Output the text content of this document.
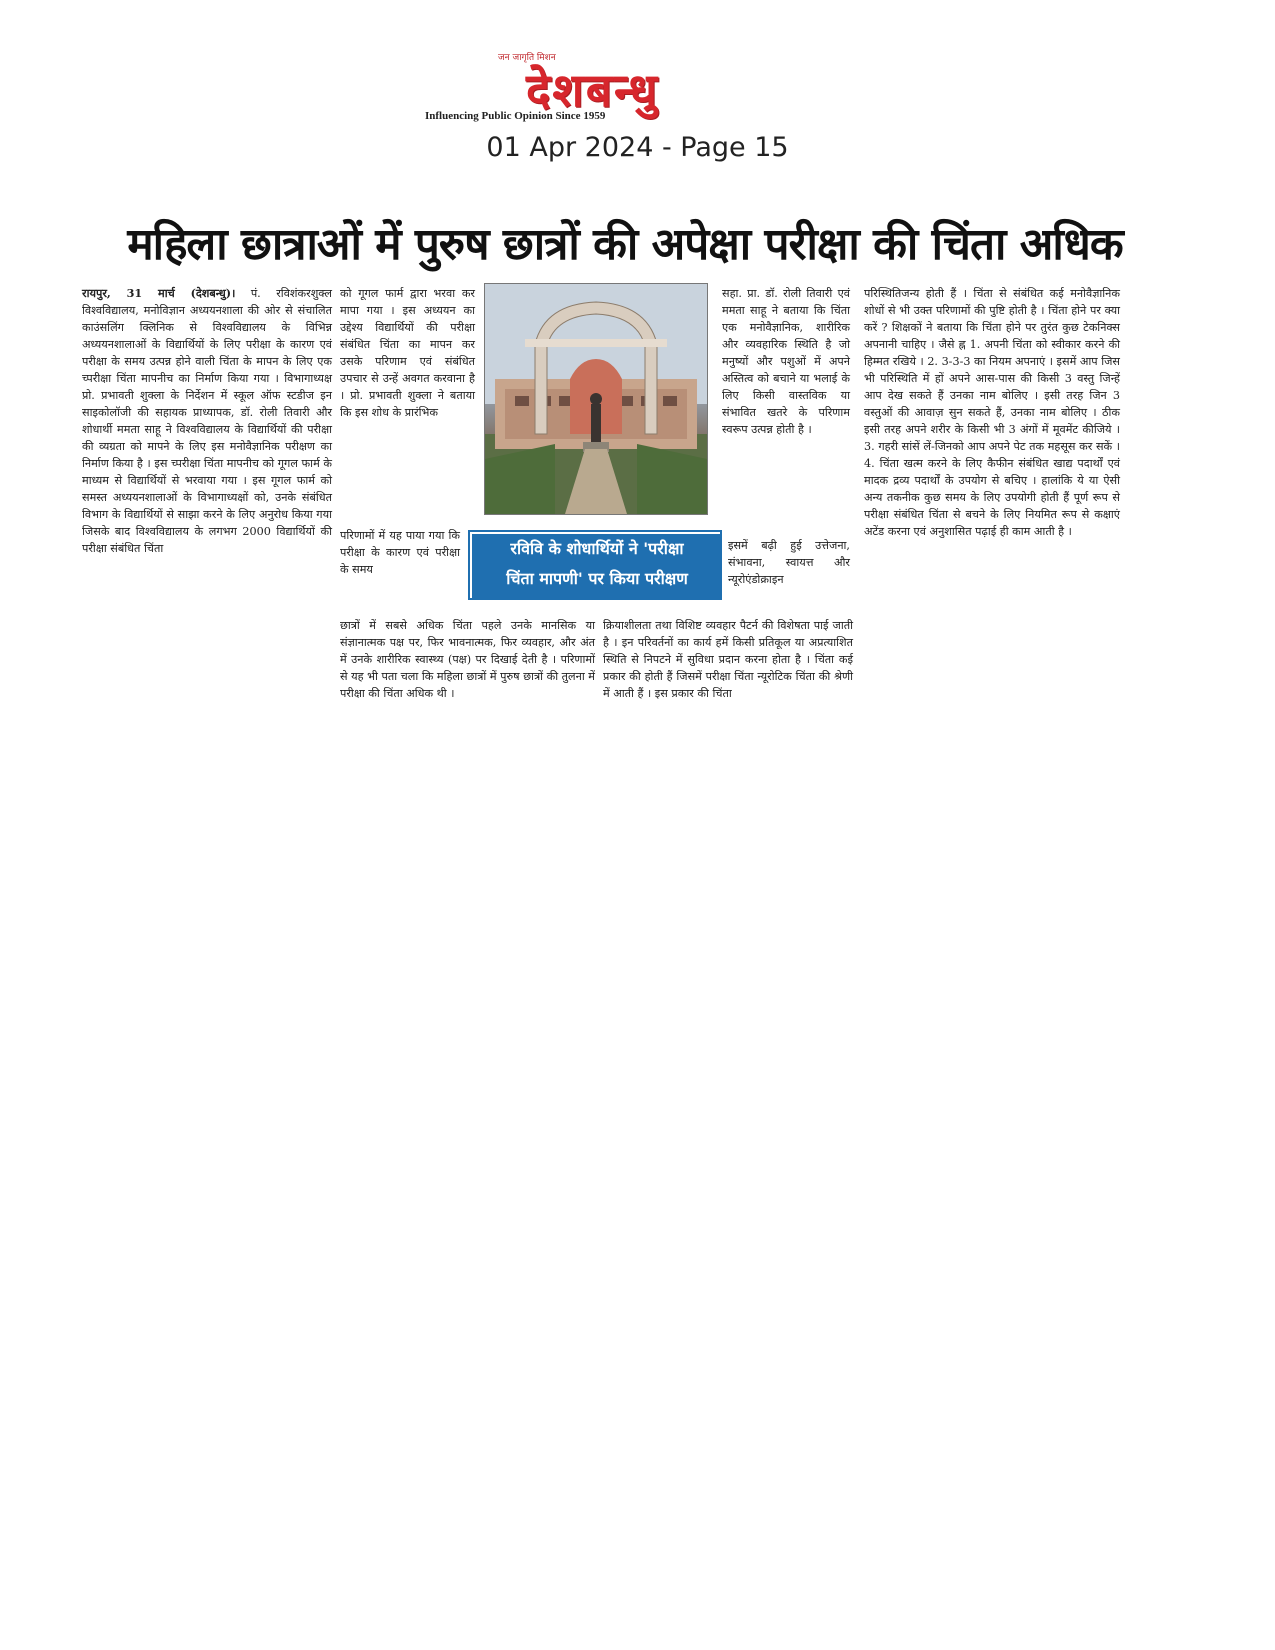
जन जागृति मिशन
देशबन्धु
Influencing Public Opinion Since 1959
01 Apr 2024 - Page 15
महिला छात्राओं में पुरुष छात्रों की अपेक्षा परीक्षा की चिंता अधिक

रायपुर, 31 मार्च (देशबन्धु)। पं. रविशंकरशुक्ल विश्वविद्यालय, मनोविज्ञान अध्ययनशाला की ओर से संचालित काउंसलिंग क्लिनिक से विश्वविद्यालय के विभिन्न अध्ययनशालाओं के विद्यार्थियों के लिए परीक्षा के कारण एवं परीक्षा के समय उत्पन्न होने वाली चिंता के मापन के लिए एक च्परीक्षा चिंता मापनीच का निर्माण किया गया । विभागाध्यक्ष प्रो. प्रभावती शुक्ला के निर्देशन में स्कूल ऑफ स्टडीज इन साइकोलॉजी की सहायक प्राध्यापक, डॉ. रोली तिवारी और शोधार्थी ममता साहू ने विश्वविद्यालय के विद्यार्थियों की परीक्षा की व्यग्रता को मापने के लिए इस मनोवैज्ञानिक परीक्षण का निर्माण किया है । इस च्परीक्षा चिंता मापनीच को गूगल फार्म के माध्यम से विद्यार्थियों से भरवाया गया । इस गूगल फार्म को समस्त अध्ययनशालाओं के विभागाध्यक्षों को, उनके संबंधित विभाग के विद्यार्थियों से साझा करने के लिए अनुरोध किया गया जिसके बाद विश्वविद्यालय के लगभग 2000 विद्यार्थियों की परीक्षा संबंधित चिंता

को गूगल फार्म द्वारा भरवा कर मापा गया । इस अध्ययन का उद्देश्य विद्यार्थियों की परीक्षा संबंधित चिंता का मापन कर उसके परिणाम एवं संबंधित उपचार से उन्हें अवगत करवाना है । प्रो. प्रभावती शुक्ला ने बताया कि इस शोध के प्रारंभिक
परिणामों में यह पाया गया कि परीक्षा के कारण एवं परीक्षा के समय
छात्रों में सबसे अधिक चिंता पहले उनके मानसिक या संज्ञानात्मक पक्ष पर, फिर भावनात्मक, फिर व्यवहार, और अंत में उनके शारीरिक स्वास्थ्य (पक्ष) पर दिखाई देती है । परिणामों से यह भी पता चला कि महिला छात्रों में पुरुष छात्रों की तुलना में परीक्षा की चिंता अधिक थी ।
रविवि के शोधार्थियों ने 'परीक्षा
चिंता मापणी' पर किया परीक्षण
सहा. प्रा. डॉ. रोली तिवारी एवं ममता साहू ने बताया कि चिंता एक मनोवैज्ञानिक, शारीरिक और व्यवहारिक स्थिति है जो मनुष्यों और पशुओं में अपने अस्तित्व को बचाने या भलाई के लिए किसी वास्तविक या संभावित खतरे के परिणाम स्वरूप उत्पन्न होती है ।
इसमें बढ़ी हुई उत्तेजना, संभावना, स्वायत्त और न्यूरोएंडोक्राइन
क्रियाशीलता तथा विशिष्ट व्यवहार पैटर्न की विशेषता पाई जाती है । इन परिवर्तनों का कार्य हमें किसी प्रतिकूल या अप्रत्याशित स्थिति से निपटने में सुविधा प्रदान करना होता है । चिंता कई प्रकार की होती हैं जिसमें परीक्षा चिंता न्यूरोटिक चिंता की श्रेणी में आती हैं । इस प्रकार की चिंता
परिस्थितिजन्य होती हैं । चिंता से संबंधित कई मनोवैज्ञानिक शोधों से भी उक्त परिणामों की पुष्टि होती है । चिंता होने पर क्या करें ? शिक्षकों ने बताया कि चिंता होने पर तुरंत कुछ टेकनिक्स अपनानी चाहिए । जैसे ह्न 1. अपनी चिंता को स्वीकार करने की हिम्मत रखिये । 2. 3-3-3 का नियम अपनाएं । इसमें आप जिस भी परिस्थिति में हों अपने आस-पास की किसी 3 वस्तु जिन्हें आप देख सकते हैं उनका नाम बोलिए । इसी तरह जिन 3 वस्तुओं की आवाज़ सुन सकते हैं, उनका नाम बोलिए । ठीक इसी तरह अपने शरीर के किसी भी 3 अंगों में मूवमेंट कीजिये । 3. गहरी सांसें लें-जिनको आप अपने पेट तक महसूस कर सकें । 4. चिंता खत्म करने के लिए कैफीन संबंधित खाद्य पदार्थों एवं मादक द्रव्य पदार्थों के उपयोग से बचिए । हालांकि ये या ऐसी अन्य तकनीक कुछ समय के लिए उपयोगी होती हैं पूर्ण रूप से परीक्षा संबंधित चिंता से बचने के लिए नियमित रूप से कक्षाएं अटेंड करना एवं अनुशासित पढ़ाई ही काम आती है ।
